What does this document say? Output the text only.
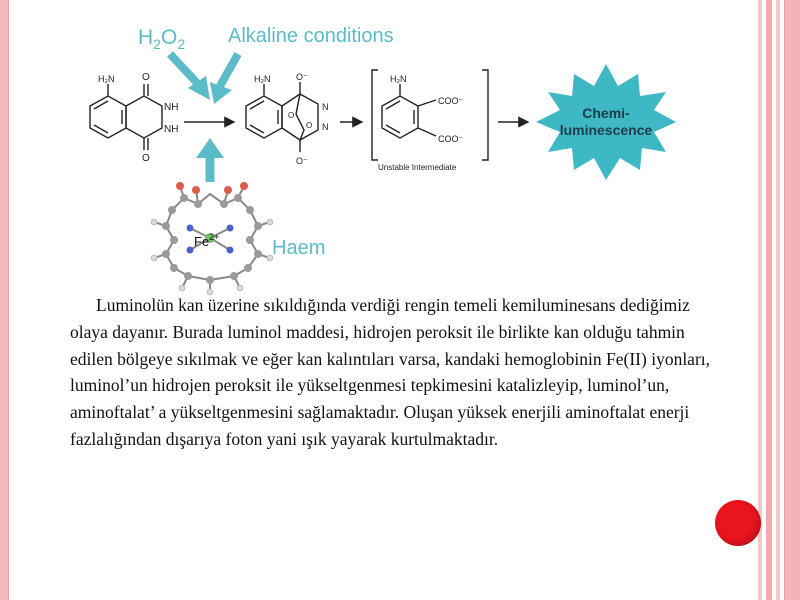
$H_2O_2$ Alkaline conditions
H₂N	O
NH
NH
O
H₂N	O⁻
O
O
N
N
O⁻
H₂N
COO⁻
COO⁻
Unstable Intermediate
Chemi-
luminescence
$Fe^{2+}$	Haem

Luminolün kan üzerine sıkıldığında verdiği rengin temeli kemiluminesans dediğimiz olaya dayanır. Burada luminol maddesi, hidrojen peroksit ile birlikte kan olduğu tahmin edilen bölgeye sıkılmak ve eğer kan kalıntıları varsa, kandaki hemoglobinin Fe(II) iyonları, luminol’un hidrojen peroksit ile yükseltgenmesi tepkimesini katalizleyip, luminol’un, aminoftalat’ a yükseltgenmesini sağlamaktadır. Oluşan yüksek enerjili aminoftalat enerji fazlalığından dışarıya foton yani ışık yayarak kurtulmaktadır.
